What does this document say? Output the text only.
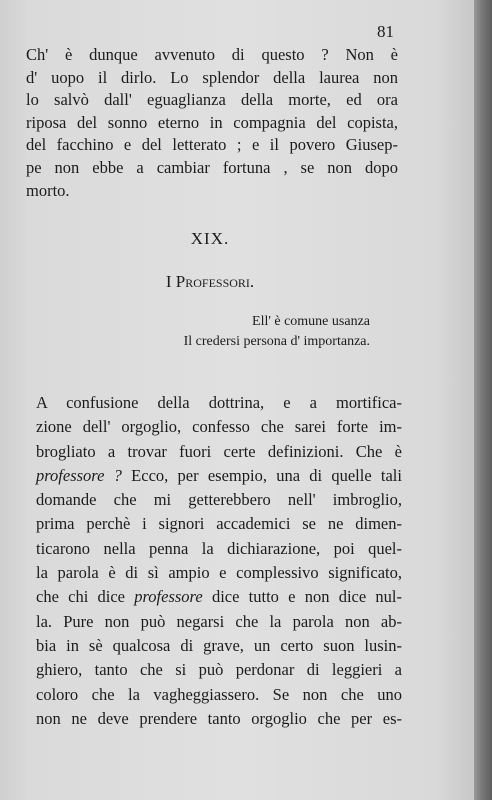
81
Ch' è dunque avvenuto di questo ? Non è
d' uopo il dirlo. Lo splendor della laurea non
lo salvò dall' eguaglianza della morte, ed ora
riposa del sonno eterno in compagnia del copista,
del facchino e del letterato ; e il povero Giusep-
pe non ebbe a cambiar fortuna , se non dopo
morto.
XIX.
I Professori.
Ell' è comune usanza
Il credersi persona d' importanza.
A confusione della dottrina, e a mortifica-
zione dell' orgoglio, confesso che sarei forte im-
brogliato a trovar fuori certe definizioni. Che è
professore ? Ecco, per esempio, una di quelle tali
domande che mi getterebbero nell' imbroglio,
prima perchè i signori accademici se ne dimen-
ticarono nella penna la dichiarazione, poi quel-
la parola è di sì ampio e complessivo significato,
che chi dice professore dice tutto e non dice nul-
la. Pure non può negarsi che la parola non ab-
bia in sè qualcosa di grave, un certo suon lusin-
ghiero, tanto che si può perdonar di leggieri a
coloro che la vagheggiassero. Se non che uno
non ne deve prendere tanto orgoglio che per es-
